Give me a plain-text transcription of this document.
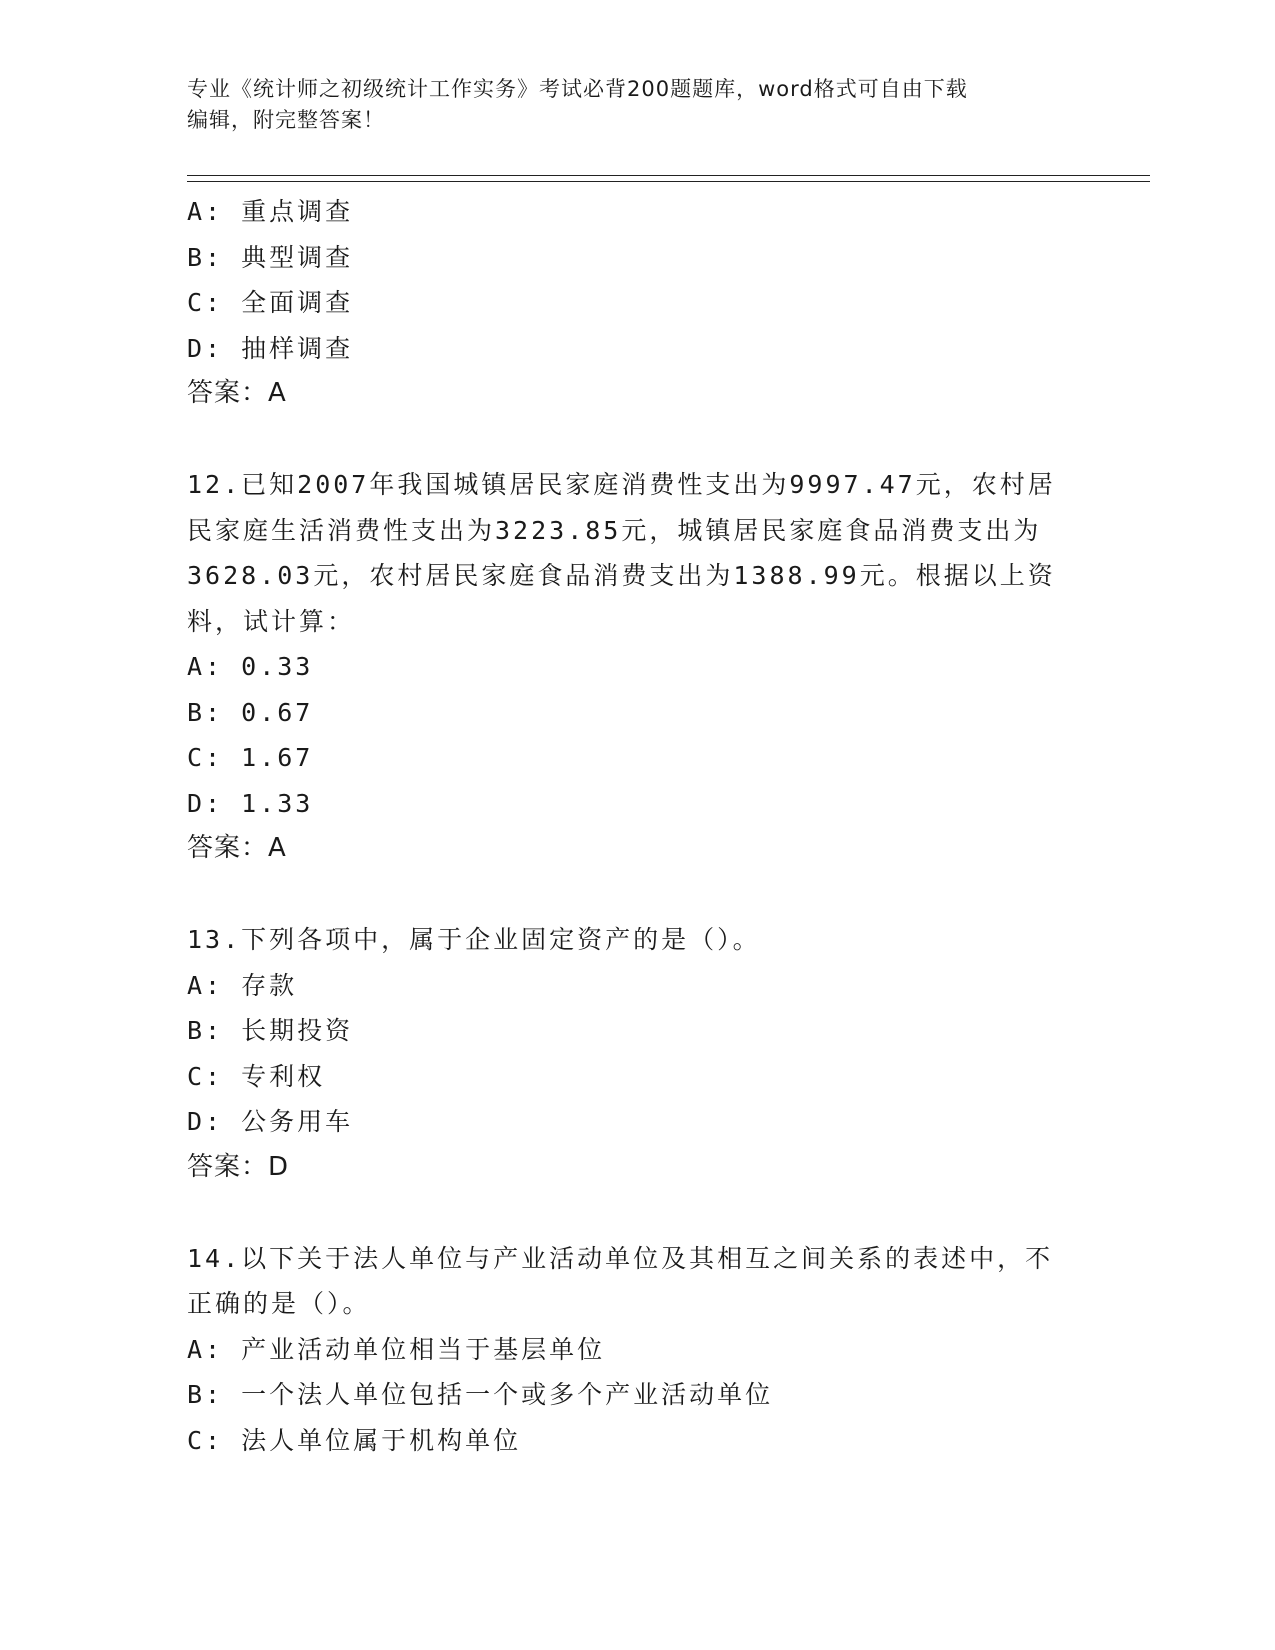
专业《统计师之初级统计工作实务》考试必背200题题库，word格式可自由下载
编辑，附完整答案！
A: 重点调查
B: 典型调查
C: 全面调查
D: 抽样调查
答案：A
12.已知2007年我国城镇居民家庭消费性支出为9997.47元，农村居
民家庭生活消费性支出为3223.85元，城镇居民家庭食品消费支出为
3628.03元，农村居民家庭食品消费支出为1388.99元。根据以上资
料，试计算：
A: 0.33
B: 0.67
C: 1.67
D: 1.33
答案：A
13.下列各项中，属于企业固定资产的是（）。
A: 存款
B: 长期投资
C: 专利权
D: 公务用车
答案：D
14.以下关于法人单位与产业活动单位及其相互之间关系的表述中，不
正确的是（）。
A: 产业活动单位相当于基层单位
B: 一个法人单位包括一个或多个产业活动单位
C: 法人单位属于机构单位
